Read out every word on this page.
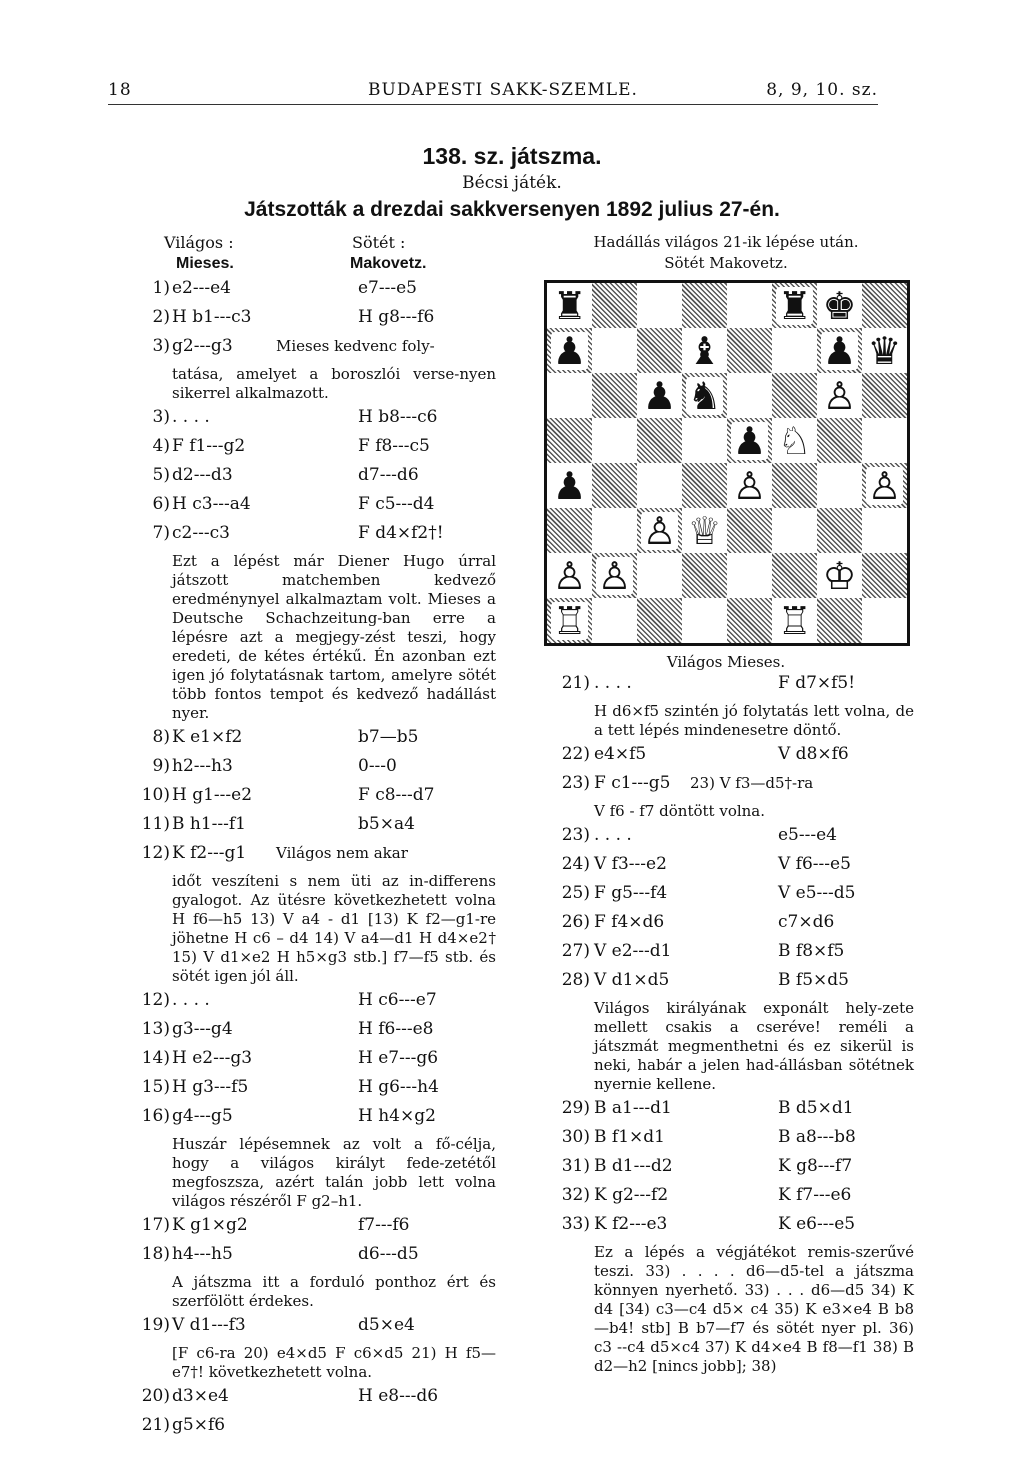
18	BUDAPESTI SAKK-SZEMLE.	8, 9, 10. sz.
138. sz. játszma.
Bécsi játék.
Játszották a drezdai sakkversenyen 1892 julius 27-én.
Világos :	Sötét :
Mieses.	Makovetz.
1) e2---e4	e7---e5
2) H b1---c3	H g8---f6
3) g2---g3	Mieses kedvenc foly-
tatása, amelyet a boroszlói verse-nyen sikerrel alkalmazott.
3) . . . .	H b8---c6
4) F f1---g2	F f8---c5
5) d2---d3	d7---d6
6) H c3---a4	F c5---d4
7) c2---c3	F d4×f2†!
Ezt a lépést már Diener Hugo úrral játszott matchemben kedvező eredménynyel alkalmaztam volt. Mieses a Deutsche Schachzeitung-ban erre a lépésre azt a megjegy-zést teszi, hogy eredeti, de kétes értékű. Én azonban ezt igen jó folytatásnak tartom, amelyre sötét több fontos tempot és kedvező hadállást nyer.
8) K e1×f2	b7—b5
9) h2---h3	0---0
10) H g1---e2	F c8---d7
11) B h1---f1	b5×a4
12) K f2---g1 Világos nem akar
időt veszíteni s nem üti az in-differens gyalogot. Az ütésre következhetett volna H f6—h5 13) V a4 - d1 [13) K f2—g1-re jöhetne H c6 – d4 14) V a4—d1 H d4×e2† 15) V d1×e2 H h5×g3 stb.] f7—f5 stb. és sötét igen jól áll.
12) . . . .	H c6---e7
13) g3---g4	H f6---e8
14) H e2---g3	H e7---g6
15) H g3---f5	H g6---h4
16) g4---g5	H h4×g2
Huszár lépésemnek az volt a fő-célja, hogy a világos királyt fede-zetétől megfoszsza, azért talán jobb lett volna világos részéről F g2–h1.
17) K g1×g2	f7---f6
18) h4---h5	d6---d5
A játszma itt a forduló ponthoz ért és szerfölött érdekes.
19) V d1---f3	d5×e4
[F c6-ra 20) e4×d5 F c6×d5 21) H f5—e7†! következhetett volna.
20) d3×e4	H e8---d6
21) g5×f6
Hadállás világos 21-ik lépése után.
Sötét Makovetz.
♜	♜ ♚
♟	♝	♟ ♛
♟ ♞	♙
♟ ♘
♟	♙	♙
♙ ♕
♙ ♙	♔
♖	♖
Világos Mieses.
21) . . . .	F d7×f5!
H d6×f5 szintén jó folytatás lett volna, de a tett lépés mindenesetre döntő.
22) e4×f5	V d8×f6
23) F c1---g5 23) V f3—d5†-ra
V f6 - f7 döntött volna.
23) . . . .	e5---e4
24) V f3---e2	V f6---e5
25) F g5---f4	V e5---d5
26) F f4×d6	c7×d6
27) V e2---d1	B f8×f5
28) V d1×d5	B f5×d5
Világos királyának exponált hely-zete mellett csakis a cseréve! reméli a játszmát megmenthetni és ez sikerül is neki, habár a jelen had-állásban sötétnek nyernie kellene.
29) B a1---d1	B d5×d1
30) B f1×d1	B a8---b8
31) B d1---d2	K g8---f7
32) K g2---f2	K f7---e6
33) K f2---e3	K e6---e5
Ez a lépés a végjátékot remis-szerűvé teszi. 33) . . . . d6—d5-tel a játszma könnyen nyerhető. 33) . . . d6—d5 34) K d4 [34) c3—c4 d5× c4 35) K e3×e4 B b8—b4! stb] B b7—f7 és sötét nyer pl. 36) c3 --c4 d5×c4 37) K d4×e4 B f8—f1 38) B d2—h2 [nincs jobb]; 38)
